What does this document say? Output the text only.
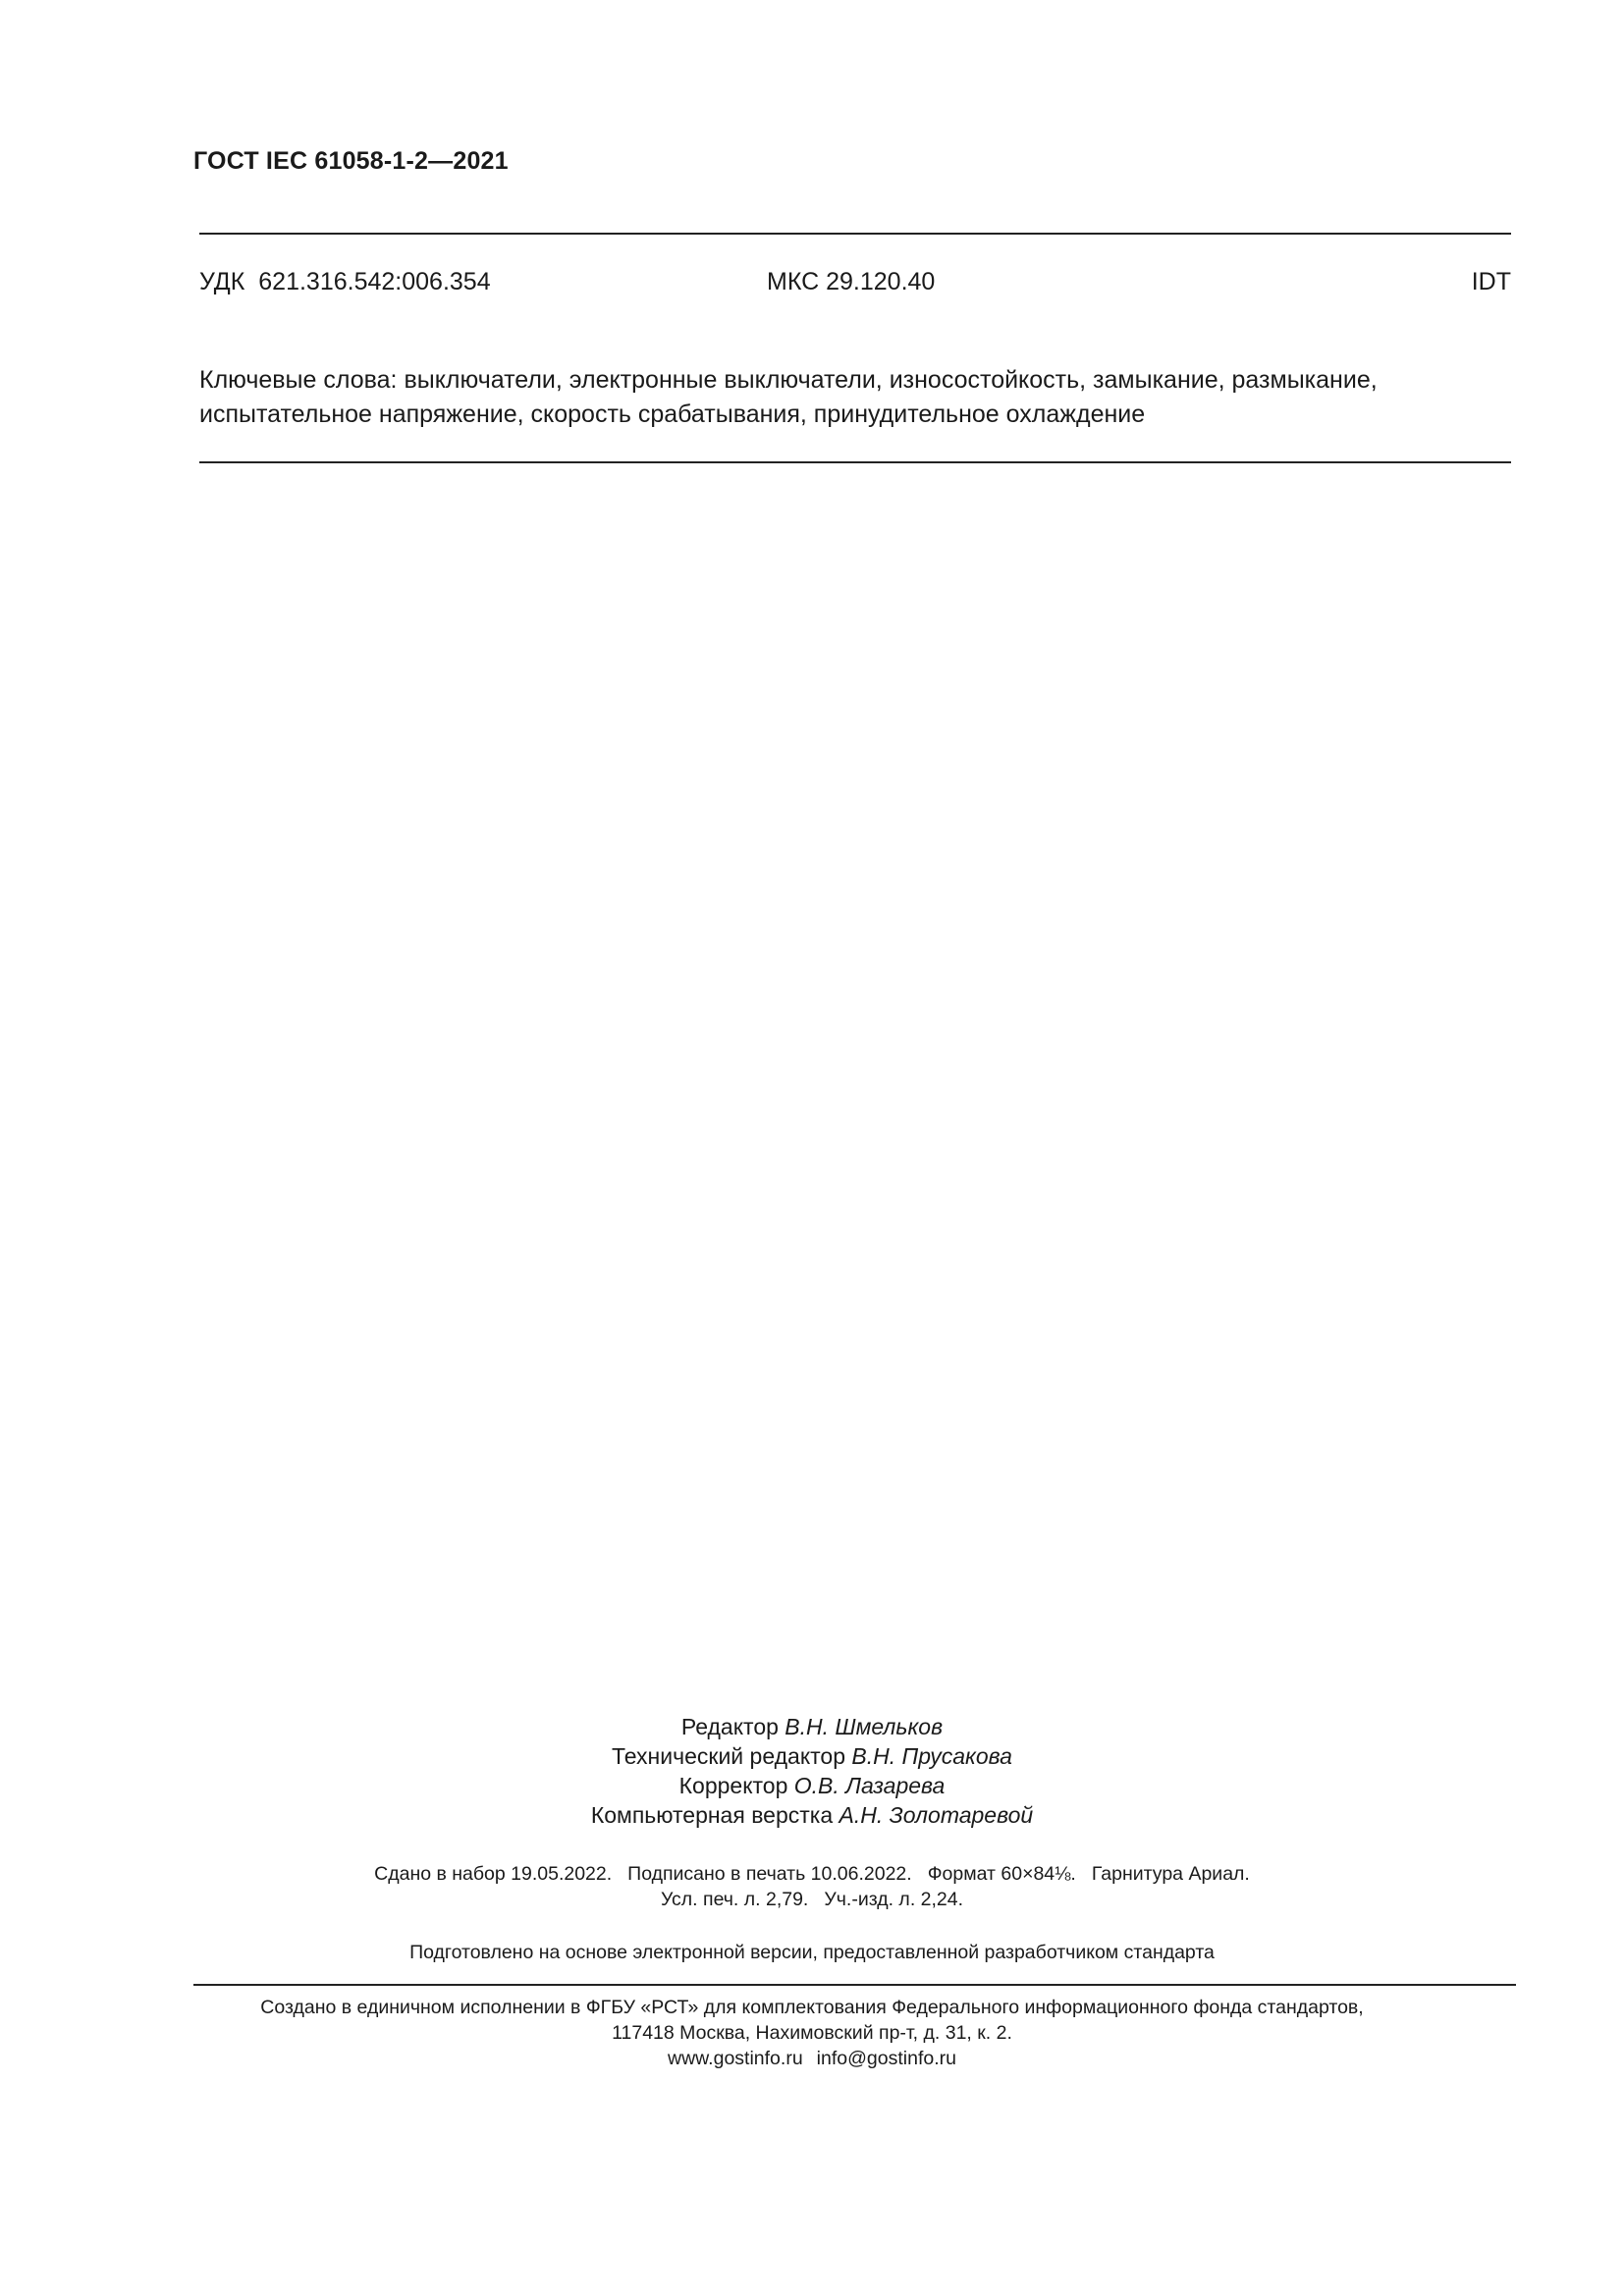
ГОСТ IEC 61058-1-2—2021
УДК 621.316.542:006.354	МКС 29.120.40	IDT
Ключевые слова: выключатели, электронные выключатели, износостойкость, замыкание, размыкание,
испытательное напряжение, скорость срабатывания, принудительное охлаждение
Редактор В.Н. Шмельков
Технический редактор В.Н. Прусакова
Корректор О.В. Лазарева
Компьютерная верстка А.Н. Золотаревой
Сдано в набор 19.05.2022. Подписано в печать 10.06.2022. Формат 60×84⅛. Гарнитура Ариал.
Усл. печ. л. 2,79. Уч.-изд. л. 2,24.
Подготовлено на основе электронной версии, предоставленной разработчиком стандарта
Создано в единичном исполнении в ФГБУ «РСТ» для комплектования Федерального информационного фонда стандартов,
117418 Москва, Нахимовский пр-т, д. 31, к. 2.
www.gostinfo.ru info@gostinfo.ru
